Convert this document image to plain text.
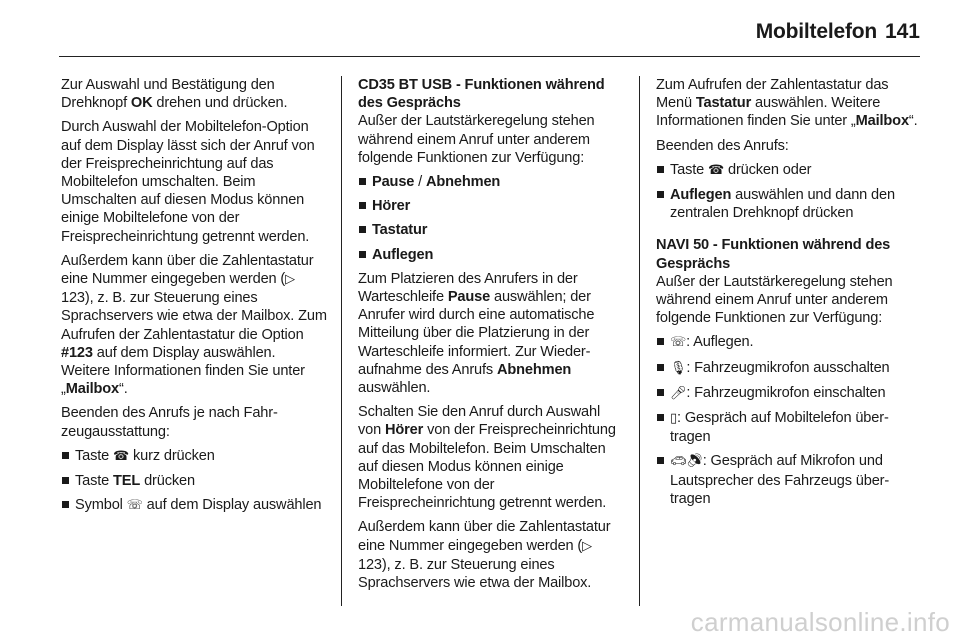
Mobiltelefon 141

Zur Auswahl und Bestätigung den Drehknopf OK drehen und drücken.

Durch Auswahl der Mobiltelefon-Option auf dem Display lässt sich der Anruf von der Freisprecheinrichtung auf das Mobiltelefon umschalten. Beim Umschalten auf diesen Modus können einige Mobiltelefone von der Freisprecheinrichtung getrennt werden.

Außerdem kann über die Zahlentastatur eine Nummer eingegeben werden (▷ 123), z. B. zur Steuerung eines Sprachservers wie etwa der Mailbox. Zum Aufrufen der Zahlentastatur die Option #123 auf dem Display auswählen. Weitere Informationen finden Sie unter „Mailbox“.

Beenden des Anrufs je nach Fahrzeugausstattung:

Taste ☎︎ kurz drücken
Taste TEL drücken
Symbol ☏ auf dem Display auswählen
CD35 BT USB - Funktionen während des Gesprächs

Außer der Lautstärkeregelung stehen während einem Anruf unter anderem folgende Funktionen zur Verfügung:

Pause / Abnehmen
Hörer
Tastatur
Auflegen

Zum Platzieren des Anrufers in der Warteschleife Pause auswählen; der Anrufer wird durch eine automatische Mitteilung über die Platzierung in der Warteschleife informiert. Zur Wiederaufnahme des Anrufs Abnehmen auswählen.

Schalten Sie den Anruf durch Auswahl von Hörer von der Freisprecheinrichtung auf das Mobiltelefon. Beim Umschalten auf diesen Modus können einige Mobiltelefone von der Freisprecheinrichtung getrennt werden.

Außerdem kann über die Zahlentastatur eine Nummer eingegeben werden (▷ 123), z. B. zur Steuerung eines Sprachservers wie etwa der Mailbox.

Zum Aufrufen der Zahlentastatur das Menü Tastatur auswählen. Weitere Informationen finden Sie unter „Mailbox“.

Beenden des Anrufs:

Taste ☎︎ drücken oder
Auflegen auswählen und dann den zentralen Drehknopf drücken
NAVI 50 - Funktionen während des Gesprächs

Außer der Lautstärkeregelung stehen während einem Anruf unter anderem folgende Funktionen zur Verfügung:

☏: Auflegen.
🎙︎: Fahrzeugmikrofon ausschalten
🎤︎: Fahrzeugmikrofon einschalten
▯: Gespräch auf Mobiltelefon übertragen
🚗︎🔊︎: Gespräch auf Mikrofon und Lautsprecher des Fahrzeugs übertragen
carmanualsonline.info
